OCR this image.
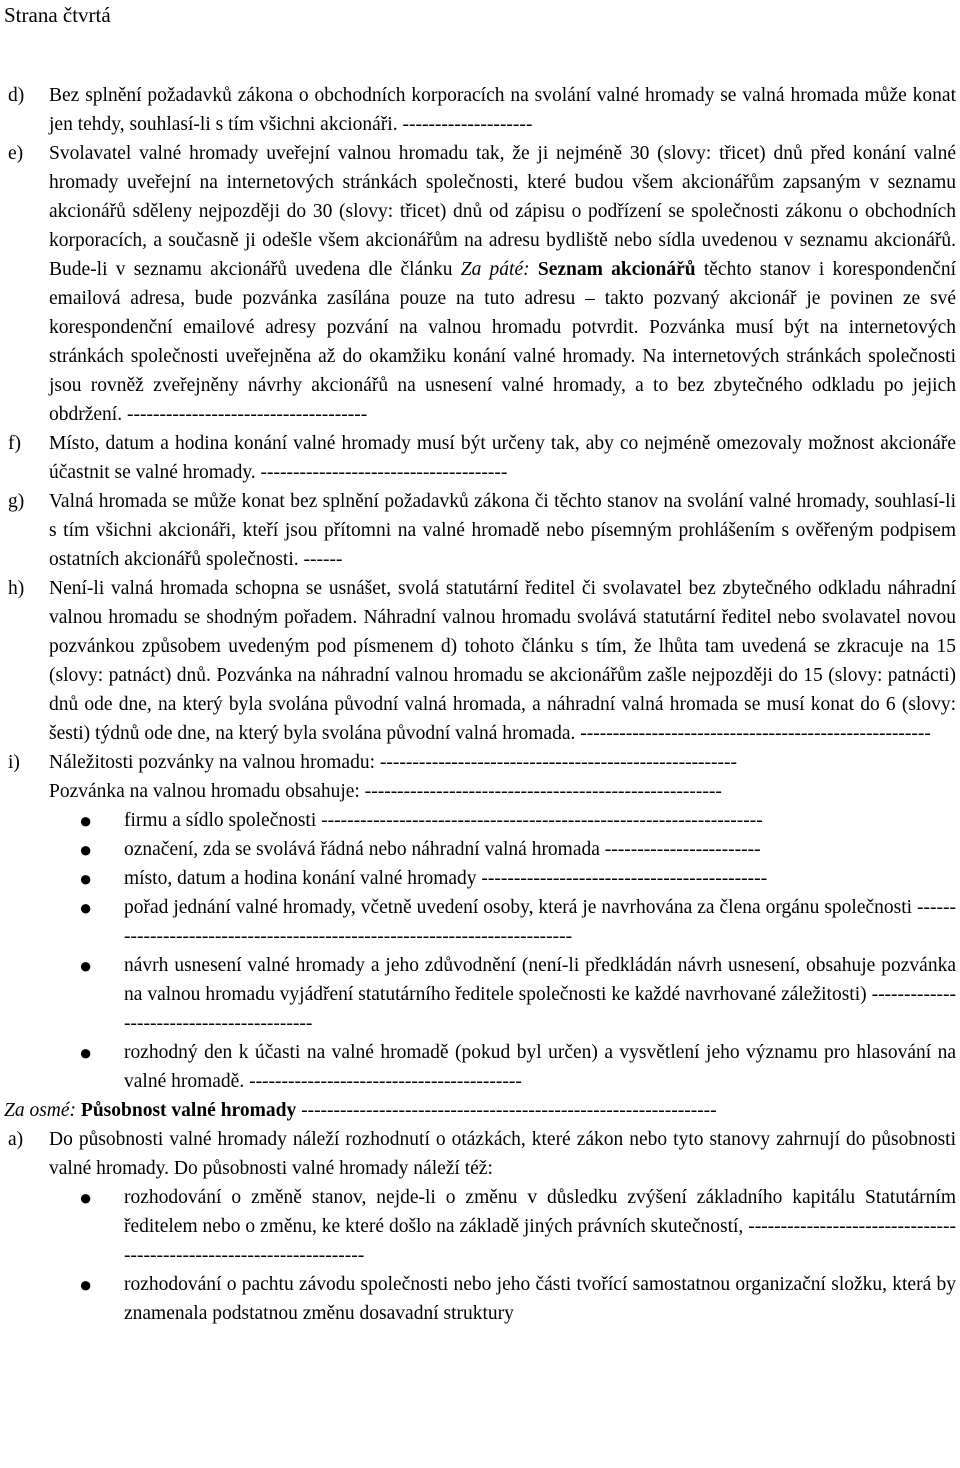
Strana čtvrtá
d) Bez splnění požadavků zákona o obchodních korporacích na svolání valné hromady se valná hromada může konat jen tehdy, souhlasí-li s tím všichni akcionáři. --------------------
e) Svolavatel valné hromady uveřejní valnou hromadu tak, že ji nejméně 30 (slovy: třicet) dnů před konání valné hromady uveřejní na internetových stránkách společnosti, které budou všem akcionářům zapsaným v seznamu akcionářů sděleny nejpozději do 30 (slovy: třicet) dnů od zápisu o podřízení se společnosti zákonu o obchodních korporacích, a současně ji odešle všem akcionářům na adresu bydliště nebo sídla uvedenou v seznamu akcionářů. Bude-li v seznamu akcionářů uvedena dle článku Za páté: Seznam akcionářů těchto stanov i korespondenční emailová adresa, bude pozvánka zasílána pouze na tuto adresu – takto pozvaný akcionář je povinen ze své korespondenční emailové adresy pozvání na valnou hromadu potvrdit. Pozvánka musí být na internetových stránkách společnosti uveřejněna až do okamžiku konání valné hromady. Na internetových stránkách společnosti jsou rovněž zveřejněny návrhy akcionářů na usnesení valné hromady, a to bez zbytečného odkladu po jejich obdržení. -------------------------------------
f) Místo, datum a hodina konání valné hromady musí být určeny tak, aby co nejméně omezovaly možnost akcionáře účastnit se valné hromady. --------------------------------------
g) Valná hromada se může konat bez splnění požadavků zákona či těchto stanov na svolání valné hromady, souhlasí-li s tím všichni akcionáři, kteří jsou přítomni na valné hromadě nebo písemným prohlášením s ověřeným podpisem ostatních akcionářů společnosti. ------
h) Není-li valná hromada schopna se usnášet, svolá statutární ředitel či svolavatel bez zbytečného odkladu náhradní valnou hromadu se shodným pořadem. Náhradní valnou hromadu svolává statutární ředitel nebo svolavatel novou pozvánkou způsobem uvedeným pod písmenem d) tohoto článku s tím, že lhůta tam uvedená se zkracuje na 15 (slovy: patnáct) dnů. Pozvánka na náhradní valnou hromadu se akcionářům zašle nejpozději do 15 (slovy: patnácti) dnů ode dne, na který byla svolána původní valná hromada, a náhradní valná hromada se musí konat do 6 (slovy: šesti) týdnů ode dne, na který byla svolána původní valná hromada. ------------------------------------------------------
i) Náležitosti pozvánky na valnou hromadu: -------------------------------------------------------
Pozvánka na valnou hromadu obsahuje: -------------------------------------------------------
● firmu a sídlo společnosti --------------------------------------------------------------------
● označení, zda se svolává řádná nebo náhradní valná hromada ------------------------
● místo, datum a hodina konání valné hromady --------------------------------------------
● pořad jednání valné hromady, včetně uvedení osoby, která je navrhována za člena orgánu společnosti ---------------------------------------------------------------------------
● návrh usnesení valné hromady a jeho zdůvodnění (není-li předkládán návrh usnesení, obsahuje pozvánka na valnou hromadu vyjádření statutárního ředitele společnosti ke každé navrhované záležitosti) ------------------------------------------
● rozhodný den k účasti na valné hromadě (pokud byl určen) a vysvětlení jeho významu pro hlasování na valné hromadě. ------------------------------------------
Za osmé: Působnost valné hromady ----------------------------------------------------------------
a) Do působnosti valné hromady náleží rozhodnutí o otázkách, které zákon nebo tyto stanovy zahrnují do působnosti valné hromady. Do působnosti valné hromady náleží též:
● rozhodování o změně stanov, nejde-li o změnu v důsledku zvýšení základního kapitálu Statutárním ředitelem nebo o změnu, ke které došlo na základě jiných právních skutečností, ---------------------------------------------------------------------
● rozhodování o pachtu závodu společnosti nebo jeho části tvořící samostatnou organizační složku, která by znamenala podstatnou změnu dosavadní struktury
